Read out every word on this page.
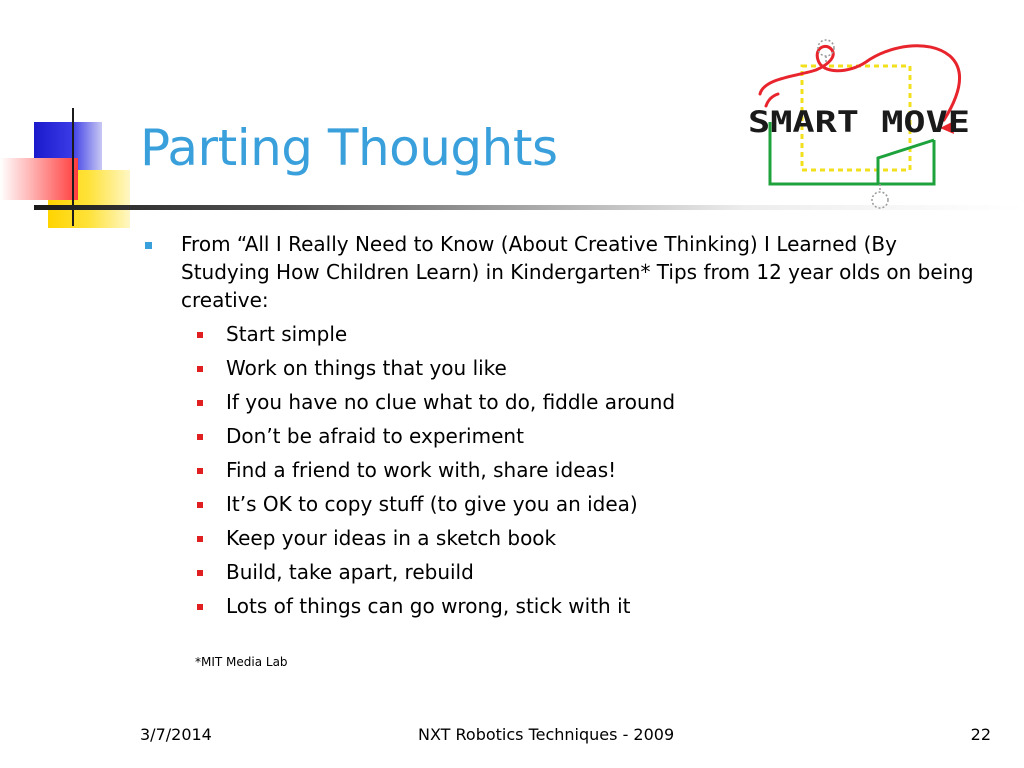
Parting Thoughts	SMART MOVE
From “All I Really Need to Know (About Creative Thinking) I Learned (By Studying How Children Learn) in Kindergarten* Tips from 12 year olds on being creative:
Start simple
Work on things that you like
If you have no clue what to do, fiddle around
Don’t be afraid to experiment
Find a friend to work with, share ideas!
It’s OK to copy stuff (to give you an idea)
Keep your ideas in a sketch book
Build, take apart, rebuild
Lots of things can go wrong, stick with it
*MIT Media Lab
3/7/2014	NXT Robotics Techniques - 2009	22
